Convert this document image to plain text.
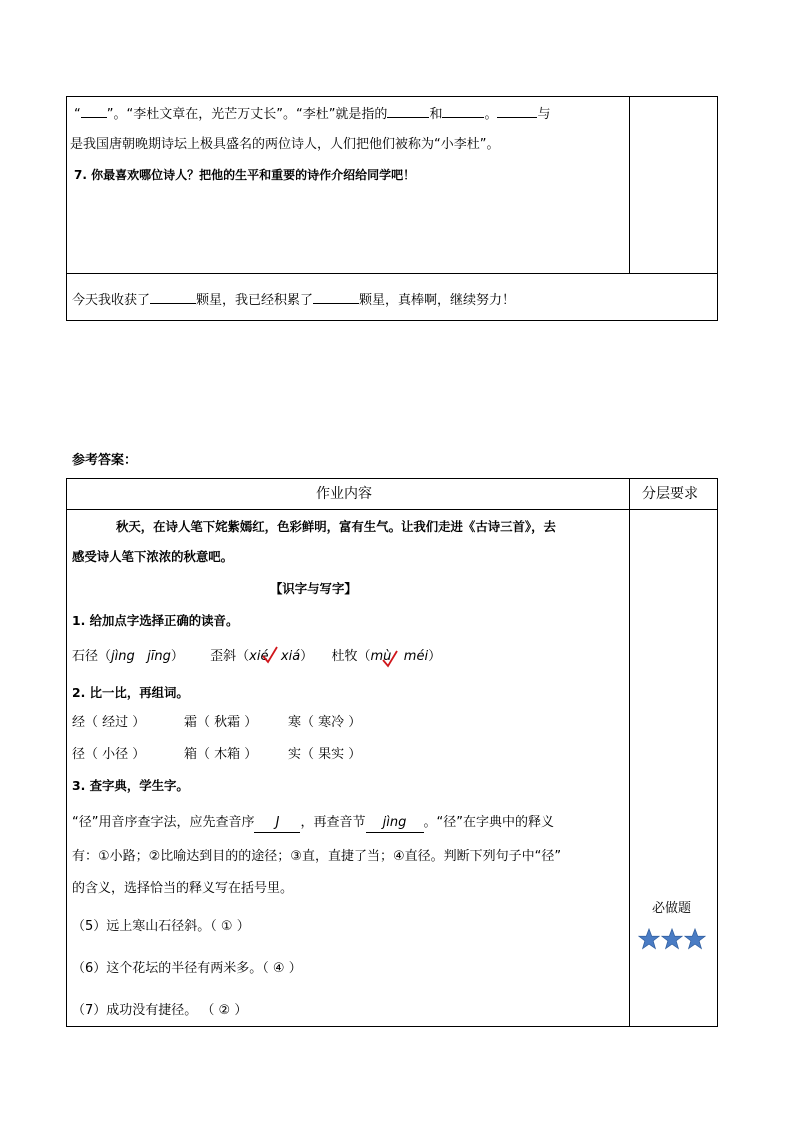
“ ”。“李杜文章在，光芒万丈长”。“李杜”就是指的	和	。	与
是我国唐朝晚期诗坛上极具盛名的两位诗人，人们把他们被称为“小李杜”。
7. 你最喜欢哪位诗人？把他的生平和重要的诗作介绍给同学吧！
今天我收获了	颗星，我已经积累了	颗星，真棒啊，继续努力！
参考答案：
作业内容	分层要求
秋天，在诗人笔下姹紫嫣红，色彩鲜明，富有生气。让我们走进《古诗三首》，去
感受诗人笔下浓浓的秋意吧。
【识字与写字】
1. 给加点字选择正确的读音。
石径（jìng jīng） 歪斜（xié xiá） 杜牧（mù méi）
2. 比一比，再组词。
经（ 经过 ）	霜（ 秋霜 ） 寒（ 寒冷 ）
径（ 小径 ）	箱（ 木箱 ） 实（ 果实 ）
3. 查字典，学生字。
“径”用音序查字法，应先查音序 J ，再查音节 jìng 。“径”在字典中的释义
有：①小路；②比喻达到目的的途径；③直，直捷了当；④直径。判断下列句子中“径”
的含义，选择恰当的释义写在括号里。
（5）远上寒山石径斜。（ ① ）
（6）这个花坛的半径有两米多。（ ④ ）
（7）成功没有捷径。 （ ② ）
必做题
